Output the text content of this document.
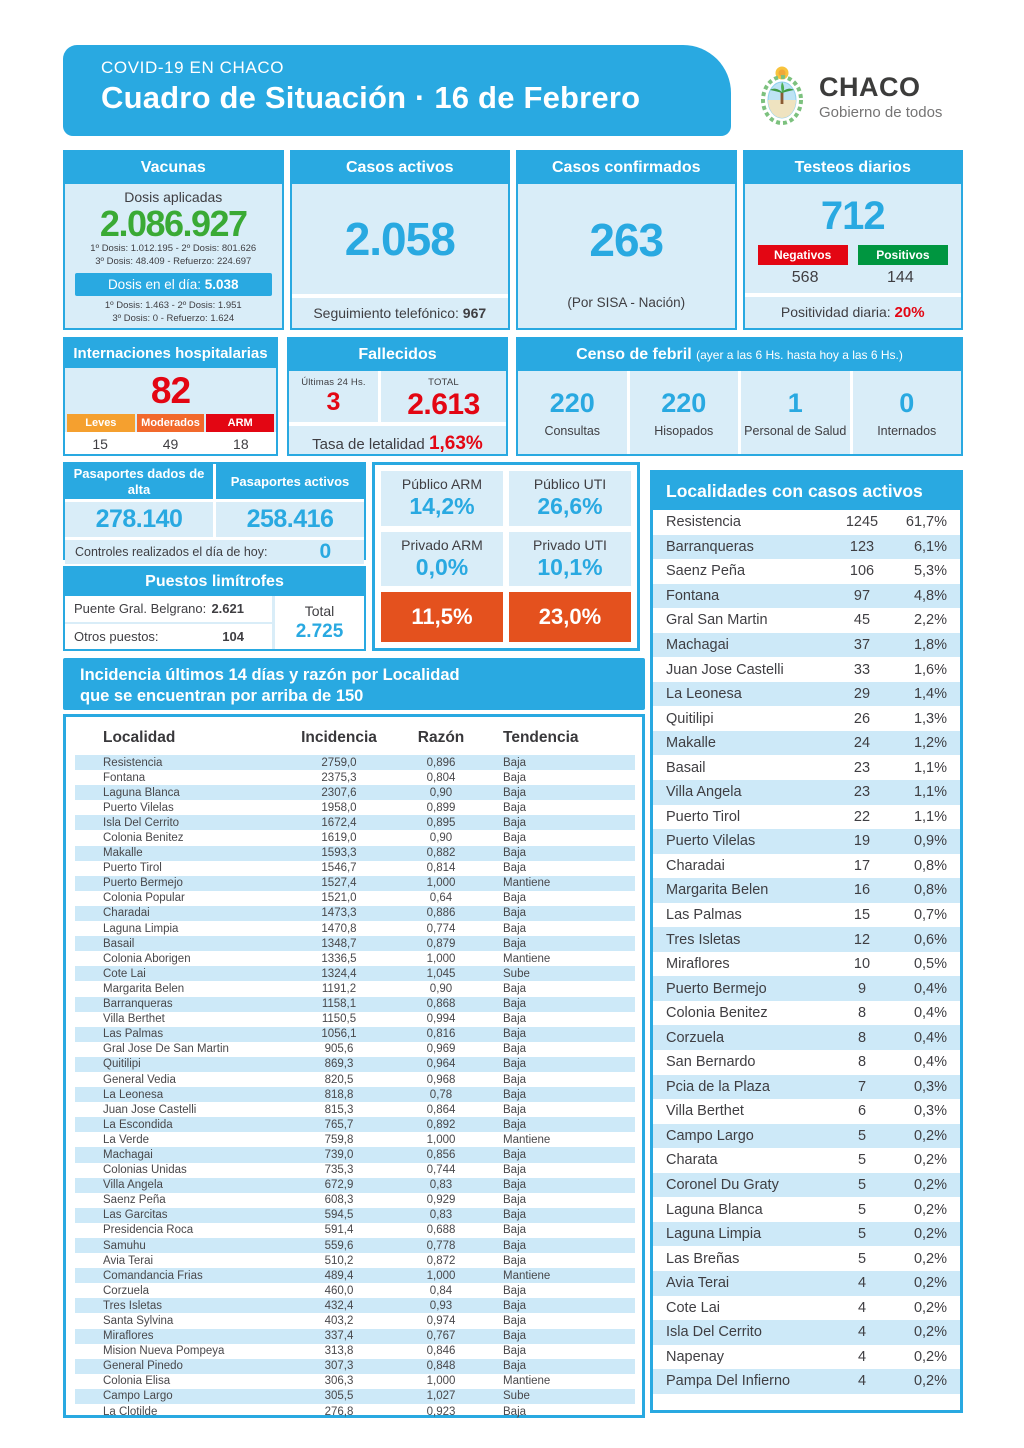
COVID-19 EN CHACO
Cuadro de Situación · 16 de Febrero	CHACO
Gobierno de todos
Vacunas
Dosis aplicadas
2.086.927
1º Dosis: 1.012.195 - 2º Dosis: 801.626
3º Dosis: 48.409 - Refuerzo: 224.697
Dosis en el día: 5.038
1º Dosis: 1.463 - 2º Dosis: 1.951
3º Dosis: 0 - Refuerzo: 1.624
Casos activos
2.058
Seguimiento telefónico: 967
Casos confirmados
263
(Por SISA - Nación)
Testeos diarios
712
Negativos	Positivos
568	144
Positividad diaria: 20%
Internaciones hospitalarias
82
Leves	Moderados	ARM
15	49	18
Fallecidos
Últimas 24 Hs.
3
TOTAL
2.613
Tasa de letalidad 1,63%
Censo de febril (ayer a las 6 Hs. hasta hoy a las 6 Hs.)
220
Consultas
220
Hisopados
1
Personal de Salud
0
Internados
Pasaportes dados de alta
Pasaportes activos
278.140	258.416
Controles realizados el día de hoy: 0
Puestos limítrofes
Puente Gral. Belgrano: 2.621
Otros puestos:	104
Total
2.725
Público ARM
14,2%
Público UTI
26,6%
Privado ARM
0,0%
Privado UTI
10,1%
11,5%	23,0%
Localidades con casos activos
Resistencia	1245	61,7%
Barranqueras	123	6,1%
Saenz Peña	106	5,3%
Fontana	97	4,8%
Gral San Martin	45	2,2%
Machagai	37	1,8%
Juan Jose Castelli	33	1,6%
La Leonesa	29	1,4%
Quitilipi	26	1,3%
Makalle	24	1,2%
Basail	23	1,1%
Villa Angela	23	1,1%
Puerto Tirol	22	1,1%
Puerto Vilelas	19	0,9%
Charadai	17	0,8%
Margarita Belen	16	0,8%
Las Palmas	15	0,7%
Tres Isletas	12	0,6%
Miraflores	10	0,5%
Puerto Bermejo	9	0,4%
Colonia Benitez	8	0,4%
Corzuela	8	0,4%
San Bernardo	8	0,4%
Pcia de la Plaza	7	0,3%
Villa Berthet	6	0,3%
Campo Largo	5	0,2%
Charata	5	0,2%
Coronel Du Graty	5	0,2%
Laguna Blanca	5	0,2%
Laguna Limpia	5	0,2%
Las Breñas	5	0,2%
Avia Terai	4	0,2%
Cote Lai	4	0,2%
Isla Del Cerrito	4	0,2%
Napenay	4	0,2%
Pampa Del Infierno	4	0,2%
Incidencia últimos 14 días y razón por Localidad
que se encuentran por arriba de 150
Localidad	Incidencia	Razón	Tendencia
Resistencia	2759,0	0,896	Baja
Fontana	2375,3	0,804	Baja
Laguna Blanca	2307,6	0,90	Baja
Puerto Vilelas	1958,0	0,899	Baja
Isla Del Cerrito	1672,4	0,895	Baja
Colonia Benitez	1619,0	0,90	Baja
Makalle	1593,3	0,882	Baja
Puerto Tirol	1546,7	0,814	Baja
Puerto Bermejo	1527,4	1,000	Mantiene
Colonia Popular	1521,0	0,64	Baja
Charadai	1473,3	0,886	Baja
Laguna Limpia	1470,8	0,774	Baja
Basail	1348,7	0,879	Baja
Colonia Aborigen	1336,5	1,000	Mantiene
Cote Lai	1324,4	1,045	Sube
Margarita Belen	1191,2	0,90	Baja
Barranqueras	1158,1	0,868	Baja
Villa Berthet	1150,5	0,994	Baja
Las Palmas	1056,1	0,816	Baja
Gral Jose De San Martin	905,6	0,969	Baja
Quitilipi	869,3	0,964	Baja
General Vedia	820,5	0,968	Baja
La Leonesa	818,8	0,78	Baja
Juan Jose Castelli	815,3	0,864	Baja
La Escondida	765,7	0,892	Baja
La Verde	759,8	1,000	Mantiene
Machagai	739,0	0,856	Baja
Colonias Unidas	735,3	0,744	Baja
Villa Angela	672,9	0,83	Baja
Saenz Peña	608,3	0,929	Baja
Las Garcitas	594,5	0,83	Baja
Presidencia Roca	591,4	0,688	Baja
Samuhu	559,6	0,778	Baja
Avia Terai	510,2	0,872	Baja
Comandancia Frias	489,4	1,000	Mantiene
Corzuela	460,0	0,84	Baja
Tres Isletas	432,4	0,93	Baja
Santa Sylvina	403,2	0,974	Baja
Miraflores	337,4	0,767	Baja
Mision Nueva Pompeya	313,8	0,846	Baja
General Pinedo	307,3	0,848	Baja
Colonia Elisa	306,3	1,000	Mantiene
Campo Largo	305,5	1,027	Sube
La Clotilde	276,8	0,923	Baja
